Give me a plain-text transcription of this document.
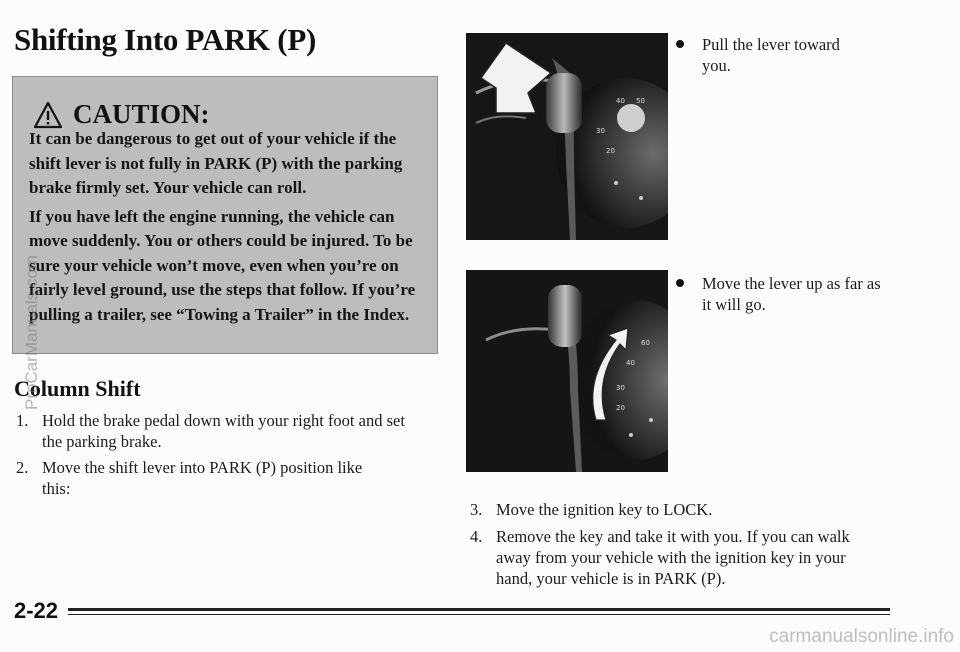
Shifting Into PARK (P)
CAUTION:

It can be dangerous to get out of your vehicle if the shift lever is not fully in PARK (P) with the parking brake firmly set. Your vehicle can roll.

If you have left the engine running, the vehicle can move suddenly. You or others could be injured. To be sure your vehicle won’t move, even when you’re on fairly level ground, use the steps that follow. If you’re pulling a trailer, see “Towing a Trailer” in the Index.

Column Shift
1. Hold the brake pedal down with your right foot and set the parking brake.
2. Move the shift lever into PARK (P) position like this:
40 50
30
20
Pull the lever toward you.
60
40
30
20
Move the lever up as far as it will go.
3. Move the ignition key to LOCK.
4. Remove the key and take it with you. If you can walk away from your vehicle with the ignition key in your hand, your vehicle is in PARK (P).
2-22
ProCarManuals.com
carmanualsonline.info
